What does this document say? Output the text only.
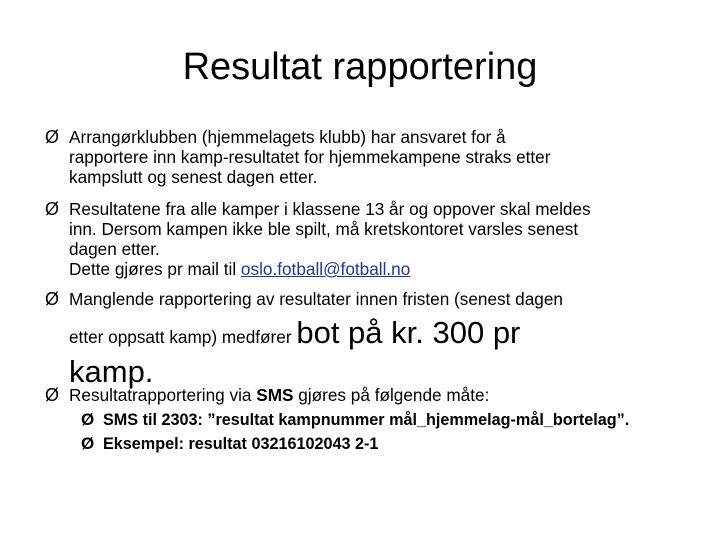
Resultat rapportering
Ø Arrangørklubben (hjemmelagets klubb) har ansvaret for å
rapportere inn kamp-resultatet for hjemmekampene straks etter
kampslutt og senest dagen etter.
Ø Resultatene fra alle kamper i klassene 13 år og oppover skal meldes
inn. Dersom kampen ikke ble spilt, må kretskontoret varsles senest
dagen etter.
Dette gjøres pr mail til oslo.fotball@fotball.no
Ø Manglende rapportering av resultater innen fristen (senest dagen
etter oppsatt kamp) medfører bot på kr. 300 pr
kamp.
Ø Resultatrapportering via SMS gjøres på følgende måte:
Ø SMS til 2303: ”resultat kampnummer mål_hjemmelag-mål_bortelag”.
Ø Eksempel: resultat 03216102043 2-1
